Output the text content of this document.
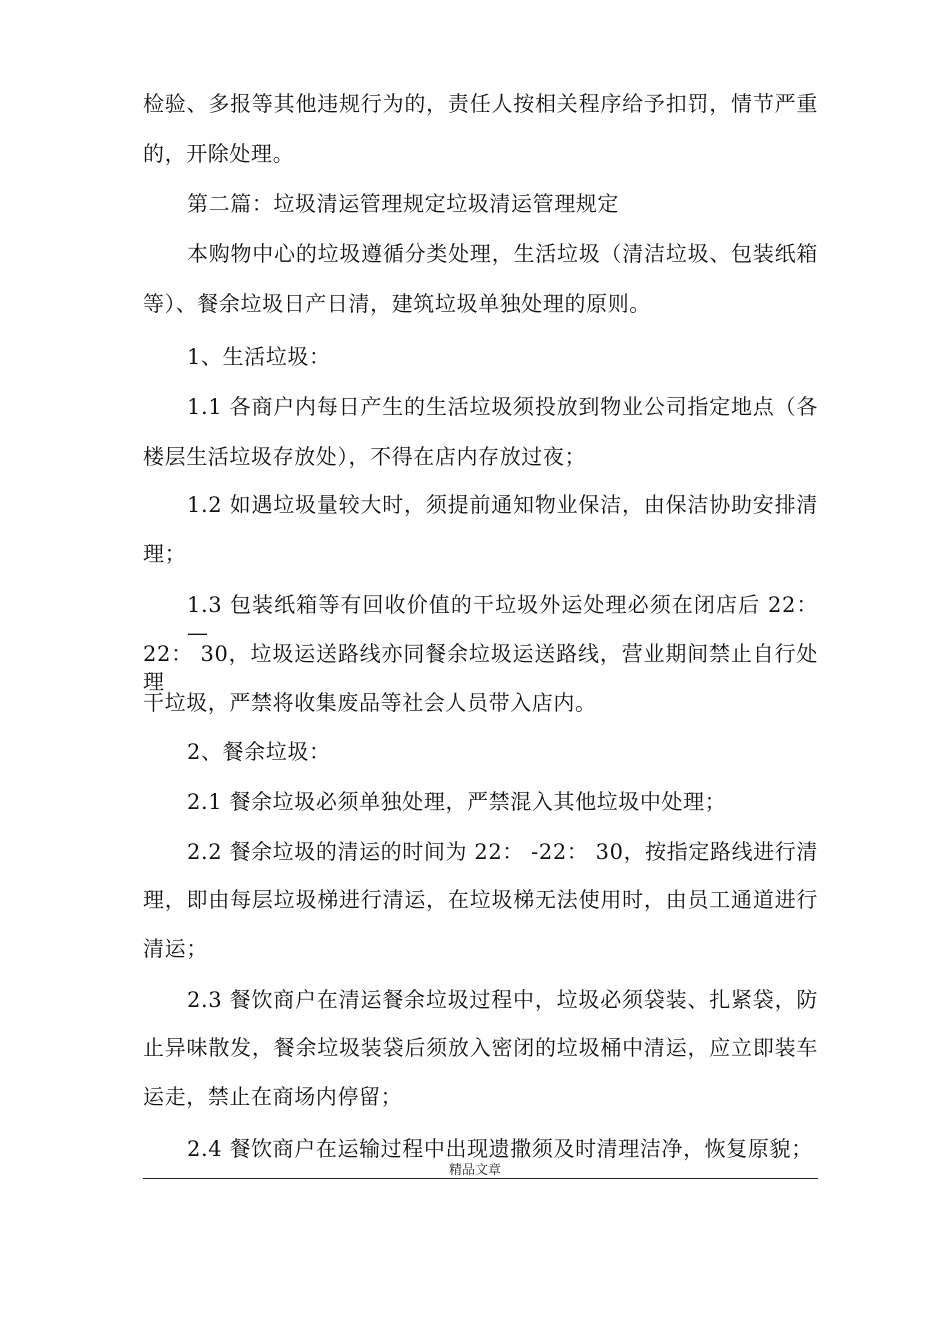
检验、多报等其他违规行为的，责任人按相关程序给予扣罚，情节严重
的，开除处理。
第二篇：垃圾清运管理规定垃圾清运管理规定
本购物中心的垃圾遵循分类处理，生活垃圾（清洁垃圾、包装纸箱
等）、餐余垃圾日产日清，建筑垃圾单独处理的原则。
1、生活垃圾：
1.1 各商户内每日产生的生活垃圾须投放到物业公司指定地点（各
楼层生活垃圾存放处），不得在店内存放过夜；
1.2 如遇垃圾量较大时，须提前通知物业保洁，由保洁协助安排清
理；
1.3 包装纸箱等有回收价值的干垃圾外运处理必须在闭店后 22： —
22： 30，垃圾运送路线亦同餐余垃圾运送路线，营业期间禁止自行处理
干垃圾，严禁将收集废品等社会人员带入店内。
2、餐余垃圾：
2.1 餐余垃圾必须单独处理，严禁混入其他垃圾中处理；
2.2 餐余垃圾的清运的时间为 22： -22： 30，按指定路线进行清
理，即由每层垃圾梯进行清运，在垃圾梯无法使用时，由员工通道进行
清运；
2.3 餐饮商户在清运餐余垃圾过程中，垃圾必须袋装、扎紧袋，防
止异味散发，餐余垃圾装袋后须放入密闭的垃圾桶中清运，应立即装车
运走，禁止在商场内停留；
2.4 餐饮商户在运输过程中出现遗撒须及时清理洁净，恢复原貌；
精品文章
